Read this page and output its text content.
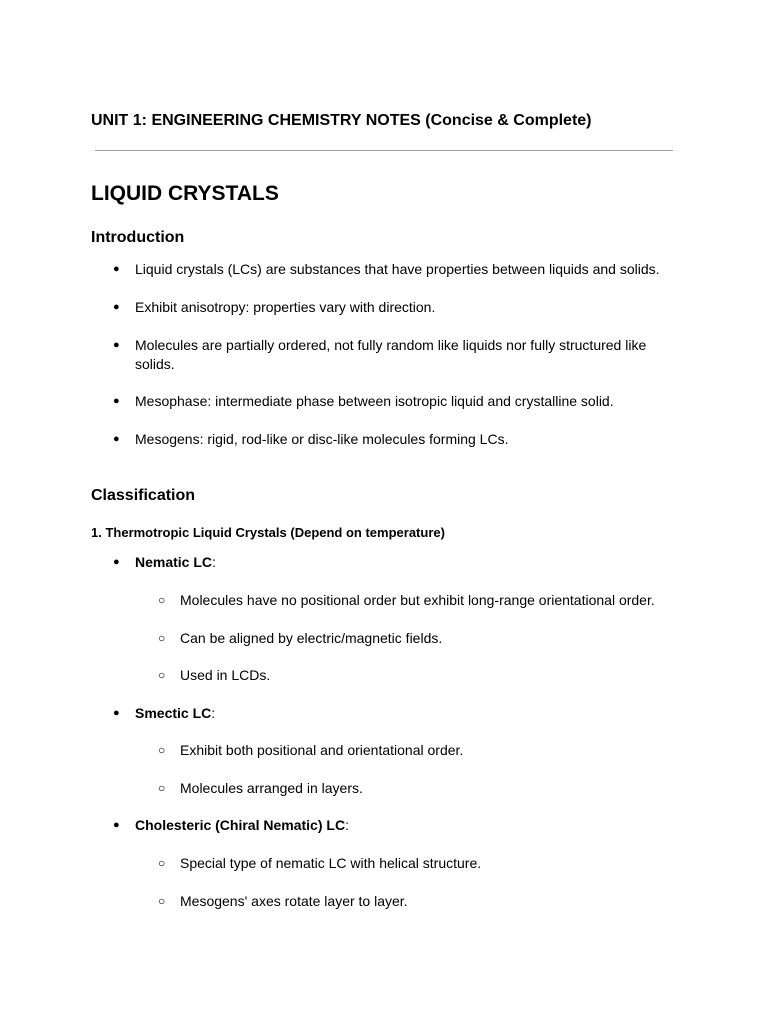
UNIT 1: ENGINEERING CHEMISTRY NOTES (Concise & Complete)
LIQUID CRYSTALS
Introduction
●	Liquid crystals (LCs) are substances that have properties between liquids and solids.
●	Exhibit anisotropy: properties vary with direction.
●	Molecules are partially ordered, not fully random like liquids nor fully structured like solids.
●	Mesophase: intermediate phase between isotropic liquid and crystalline solid.
●	Mesogens: rigid, rod-like or disc-like molecules forming LCs.
Classification
1. Thermotropic Liquid Crystals (Depend on temperature)
●	Nematic LC:
○	Molecules have no positional order but exhibit long-range orientational order.
○	Can be aligned by electric/magnetic fields.
○	Used in LCDs.
●	Smectic LC:
○	Exhibit both positional and orientational order.
○	Molecules arranged in layers.
●	Cholesteric (Chiral Nematic) LC:
○	Special type of nematic LC with helical structure.
○	Mesogens' axes rotate layer to layer.
